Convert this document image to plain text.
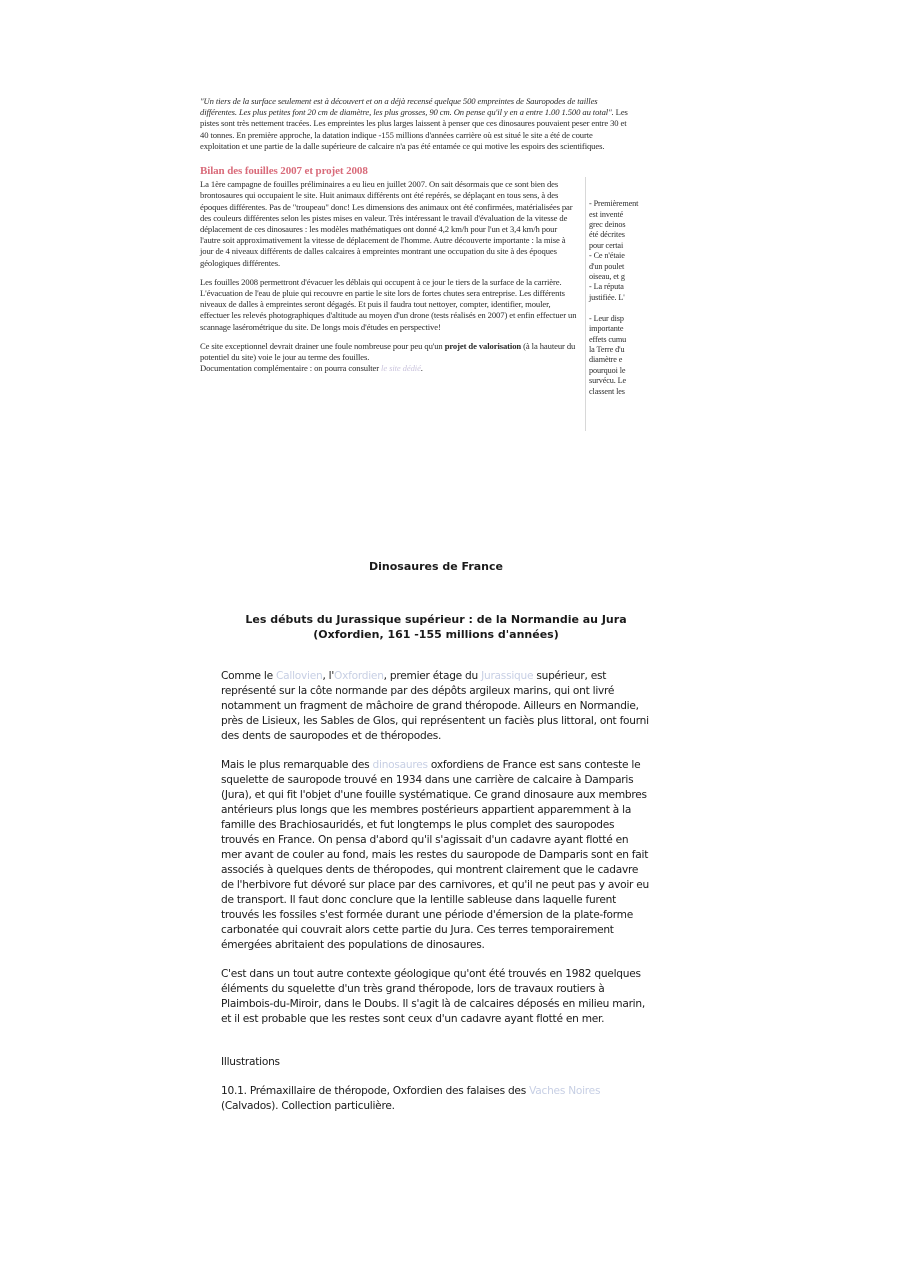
"Un tiers de la surface seulement est à découvert et on a déjà recensé quelque 500 empreintes de Sauropodes de tailles différentes. Les plus petites font 20 cm de diamètre, les plus grosses, 90 cm. On pense qu'il y en a entre 1.00 1.500 au total". Les pistes sont très nettement tracées. Les empreintes les plus larges laissent à penser que ces dinosaures pouvaient peser entre 30 et 40 tonnes. En première approche, la datation indique -155 millions d'années carrière où est situé le site a été de courte exploitation et une partie de la dalle supérieure de calcaire n'a pas été entamée ce qui motive les espoirs des scientifiques.

Bilan des fouilles 2007 et projet 2008

La 1ère campagne de fouilles préliminaires a eu lieu en juillet 2007. On sait désormais que ce sont bien des brontosaures qui occupaient le site. Huit animaux différents ont été repérés, se déplaçant en tous sens, à des époques différentes. Pas de "troupeau" donc! Les dimensions des animaux ont été confirmées, matérialisées par des couleurs différentes selon les pistes mises en valeur. Très intéressant le travail d'évaluation de la vitesse de déplacement de ces dinosaures : les modèles mathématiques ont donné 4,2 km/h pour l'un et 3,4 km/h pour l'autre soit approximativement la vitesse de déplacement de l'homme. Autre découverte importante : la mise à jour de 4 niveaux différents de dalles calcaires à empreintes montrant une occupation du site à des époques géologiques différentes.

Les fouilles 2008 permettront d'évacuer les déblais qui occupent à ce jour le tiers de la surface de la carrière. L'évacuation de l'eau de pluie qui recouvre en partie le site lors de fortes chutes sera entreprise. Les différents niveaux de dalles à empreintes seront dégagés. Et puis il faudra tout nettoyer, compter, identifier, mouler, effectuer les relevés photographiques d'altitude au moyen d'un drone (tests réalisés en 2007) et enfin effectuer un scannage lasérométrique du site. De longs mois d'études en perspective!

Ce site exceptionnel devrait drainer une foule nombreuse pour peu qu'un projet de valorisation (à la hauteur du potentiel du site) voie le jour au terme des fouilles.
Documentation complémentaire : on pourra consulter le site dédié.

- Premièrement
est inventé
grec deinos
été décrites
pour certai
- Ce n'étaie
d'un poulet
oiseau, et g
- La réputa
justifiée. L'

- Leur disp
importante
effets cumu
la Terre d'u
diamètre e
pourquoi le
survécu. Le
classent les
Dinosaures de France
Les débuts du Jurassique supérieur : de la Normandie au Jura (Oxfordien, 161 -155 millions d'années)

Comme le Callovien, l'Oxfordien, premier étage du Jurassique supérieur, est représenté sur la côte normande par des dépôts argileux marins, qui ont livré notamment un fragment de mâchoire de grand théropode. Ailleurs en Normandie, près de Lisieux, les Sables de Glos, qui représentent un faciès plus littoral, ont fourni des dents de sauropodes et de théropodes.

Mais le plus remarquable des dinosaures oxfordiens de France est sans conteste le squelette de sauropode trouvé en 1934 dans une carrière de calcaire à Damparis (Jura), et qui fit l'objet d'une fouille systématique. Ce grand dinosaure aux membres antérieurs plus longs que les membres postérieurs appartient apparemment à la famille des Brachiosauridés, et fut longtemps le plus complet des sauropodes trouvés en France. On pensa d'abord qu'il s'agissait d'un cadavre ayant flotté en mer avant de couler au fond, mais les restes du sauropode de Damparis sont en fait associés à quelques dents de théropodes, qui montrent clairement que le cadavre de l'herbivore fut dévoré sur place par des carnivores, et qu'il ne peut pas y avoir eu de transport. Il faut donc conclure que la lentille sableuse dans laquelle furent trouvés les fossiles s'est formée durant une période d'émersion de la plate-forme carbonatée qui couvrait alors cette partie du Jura. Ces terres temporairement émergées abritaient des populations de dinosaures.

C'est dans un tout autre contexte géologique qu'ont été trouvés en 1982 quelques éléments du squelette d'un très grand théropode, lors de travaux routiers à Plaimbois-du-Miroir, dans le Doubs. Il s'agit là de calcaires déposés en milieu marin, et il est probable que les restes sont ceux d'un cadavre ayant flotté en mer.

Illustrations

10.1. Prémaxillaire de théropode, Oxfordien des falaises des Vaches Noires (Calvados). Collection particulière.
